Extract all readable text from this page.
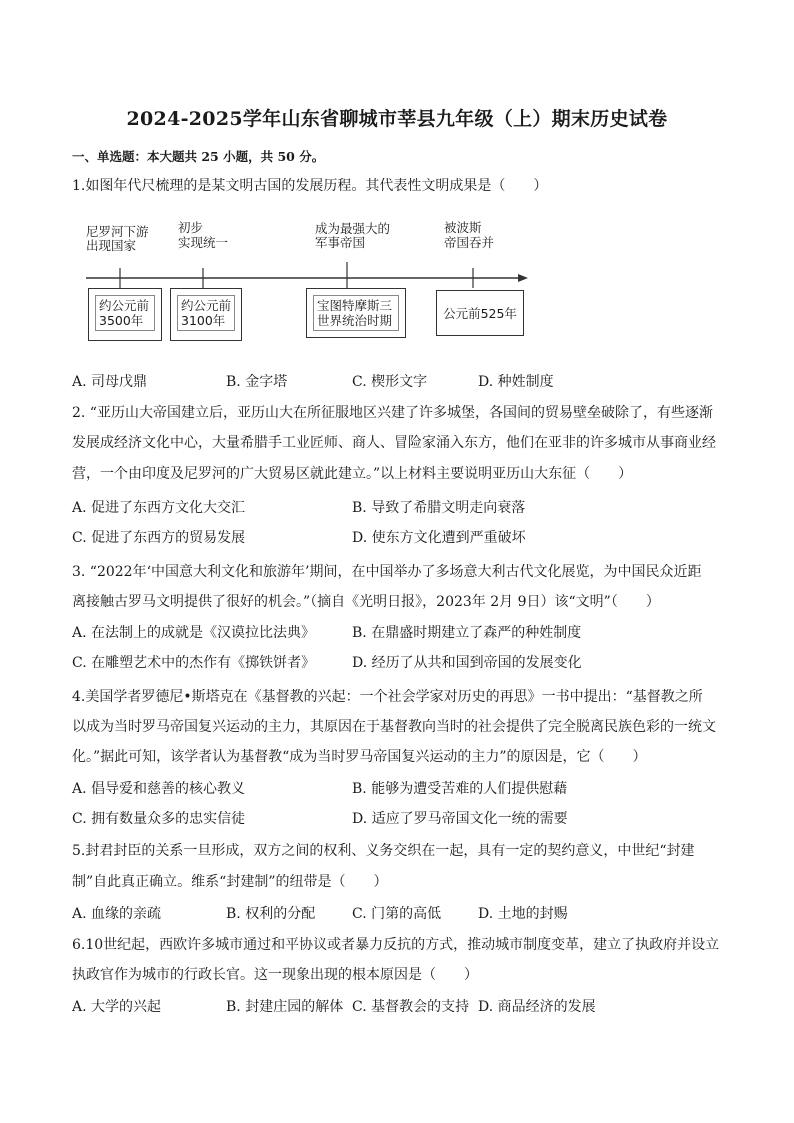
2024-2025学年山东省聊城市莘县九年级（上）期末历史试卷
一、单选题：本大题共 25 小题，共 50 分。
1.如图年代尺梳理的是某文明古国的发展历程。其代表性文明成果是（　　）
尼罗河下游
出现国家
初步
实现统一
成为最强大的
军事帝国
被波斯
帝国吞并
约公元前
3500年
约公元前
3100年
宝图特摩斯三
世界统治时期	公元前525年
A. 司母戊鼎	B. 金字塔	C. 楔形文字	D. 种姓制度
2. “亚历山大帝国建立后，亚历山大在所征服地区兴建了许多城堡，各国间的贸易壁垒破除了，有些逐渐
发展成经济文化中心，大量希腊手工业匠师、商人、冒险家涌入东方，他们在亚非的许多城市从事商业经
营，一个由印度及尼罗河的广大贸易区就此建立。”以上材料主要说明亚历山大东征（　　）
A. 促进了东西方文化大交汇	B. 导致了希腊文明走向衰落
C. 促进了东西方的贸易发展	D. 使东方文化遭到严重破坏
3. “2022年‘中国意大利文化和旅游年’期间，在中国举办了多场意大利古代文化展览，为中国民众近距
离接触古罗马文明提供了很好的机会。”（摘自《光明日报》，2023年 2月 9日）该“文明”（　　）
A. 在法制上的成就是《汉谟拉比法典》	B. 在鼎盛时期建立了森严的种姓制度
C. 在雕塑艺术中的杰作有《掷铁饼者》	D. 经历了从共和国到帝国的发展变化
4.美国学者罗德尼•斯塔克在《基督教的兴起：一个社会学家对历史的再思》一书中提出：“基督教之所
以成为当时罗马帝国复兴运动的主力，其原因在于基督教向当时的社会提供了完全脱离民族色彩的一统文
化。”据此可知，该学者认为基督教“成为当时罗马帝国复兴运动的主力”的原因是，它（　　）
A. 倡导爱和慈善的核心教义	B. 能够为遭受苦难的人们提供慰藉
C. 拥有数量众多的忠实信徒	D. 适应了罗马帝国文化一统的需要
5.封君封臣的关系一旦形成，双方之间的权利、义务交织在一起，具有一定的契约意义，中世纪“封建
制”自此真正确立。维系“封建制”的纽带是（　　）
A. 血缘的亲疏	B. 权利的分配	C. 门第的高低	D. 土地的封赐
6.10世纪起，西欧许多城市通过和平协议或者暴力反抗的方式，推动城市制度变革，建立了执政府并设立
执政官作为城市的行政长官。这一现象出现的根本原因是（　　）
A. 大学的兴起	B. 封建庄园的解体 C. 基督教会的支持 D. 商品经济的发展
